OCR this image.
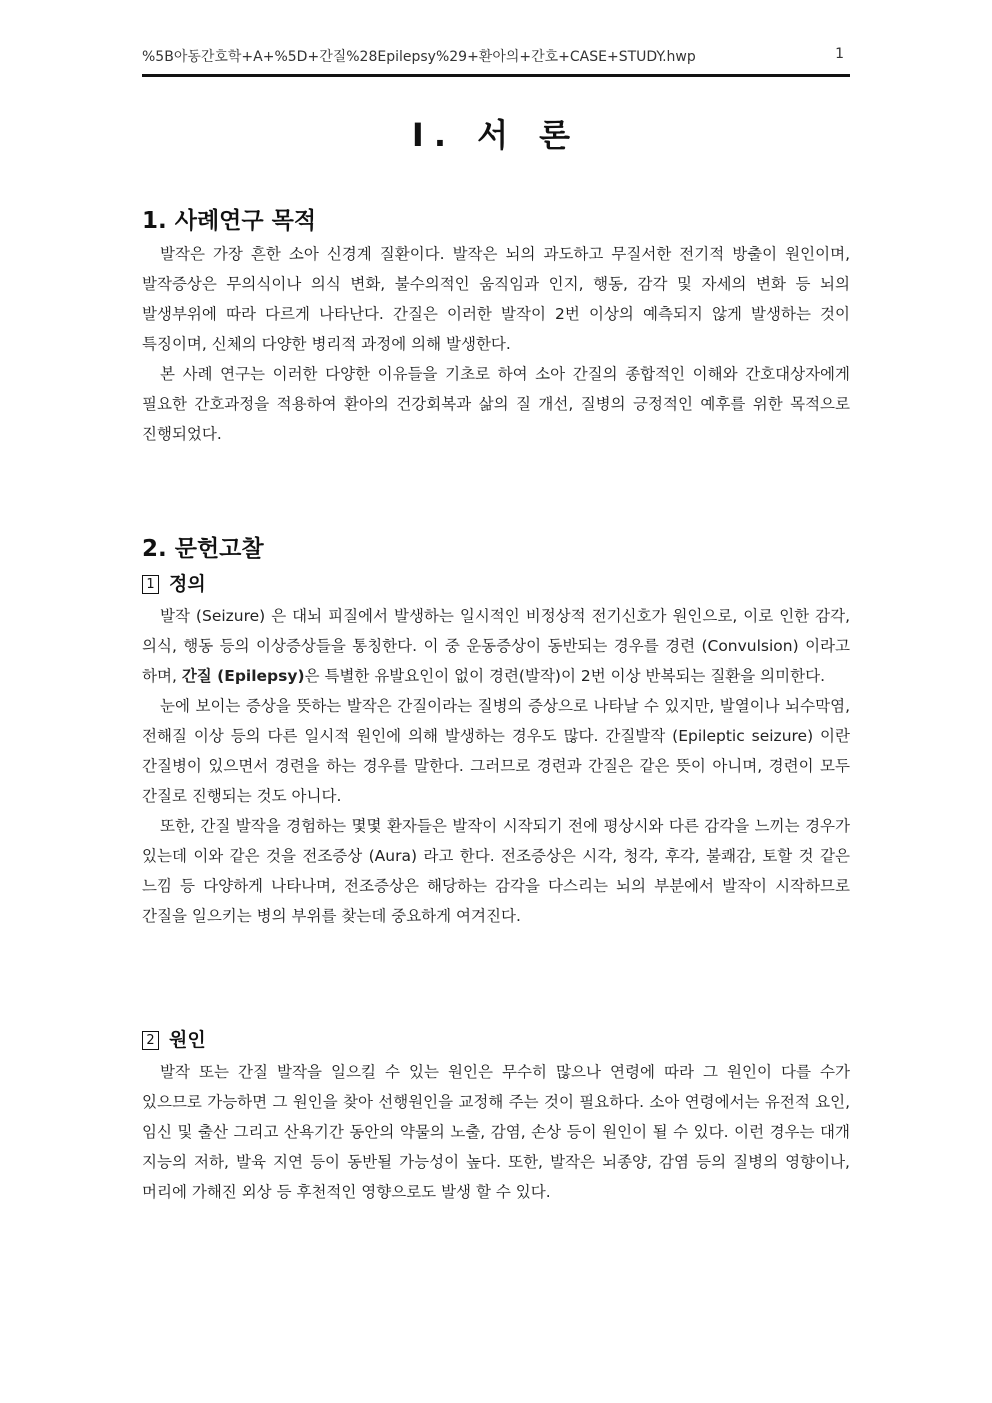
%5B아동간호학+A+%5D+간질%28Epilepsy%29+환아의+간호+CASE+STUDY.hwp	1
I. 서 론
1. 사례연구 목적

발작은 가장 흔한 소아 신경계 질환이다. 발작은 뇌의 과도하고 무질서한 전기적 방출이 원인이며, 발작증상은 무의식이나 의식 변화, 불수의적인 움직임과 인지, 행동, 감각 및 자세의 변화 등 뇌의 발생부위에 따라 다르게 나타난다. 간질은 이러한 발작이 2번 이상의 예측되지 않게 발생하는 것이 특징이며, 신체의 다양한 병리적 과정에 의해 발생한다.

본 사례 연구는 이러한 다양한 이유들을 기초로 하여 소아 간질의 종합적인 이해와 간호대상자에게 필요한 간호과정을 적용하여 환아의 건강회복과 삶의 질 개선, 질병의 긍정적인 예후를 위한 목적으로 진행되었다.

2. 문헌고찰
1 정의

발작 (Seizure) 은 대뇌 피질에서 발생하는 일시적인 비정상적 전기신호가 원인으로, 이로 인한 감각, 의식, 행동 등의 이상증상들을 통칭한다. 이 중 운동증상이 동반되는 경우를 경련 (Convulsion) 이라고 하며, 간질 (Epilepsy)은 특별한 유발요인이 없이 경련(발작)이 2번 이상 반복되는 질환을 의미한다.

눈에 보이는 증상을 뜻하는 발작은 간질이라는 질병의 증상으로 나타날 수 있지만, 발열이나 뇌수막염, 전해질 이상 등의 다른 일시적 원인에 의해 발생하는 경우도 많다. 간질발작 (Epileptic seizure) 이란 간질병이 있으면서 경련을 하는 경우를 말한다. 그러므로 경련과 간질은 같은 뜻이 아니며, 경련이 모두 간질로 진행되는 것도 아니다.

또한, 간질 발작을 경험하는 몇몇 환자들은 발작이 시작되기 전에 평상시와 다른 감각을 느끼는 경우가 있는데 이와 같은 것을 전조증상 (Aura) 라고 한다. 전조증상은 시각, 청각, 후각, 불쾌감, 토할 것 같은 느낌 등 다양하게 나타나며, 전조증상은 해당하는 감각을 다스리는 뇌의 부분에서 발작이 시작하므로 간질을 일으키는 병의 부위를 찾는데 중요하게 여겨진다.

2 원인

발작 또는 간질 발작을 일으킬 수 있는 원인은 무수히 많으나 연령에 따라 그 원인이 다를 수가 있으므로 가능하면 그 원인을 찾아 선행원인을 교정해 주는 것이 필요하다. 소아 연령에서는 유전적 요인, 임신 및 출산 그리고 산욕기간 동안의 약물의 노출, 감염, 손상 등이 원인이 될 수 있다. 이런 경우는 대개 지능의 저하, 발육 지연 등이 동반될 가능성이 높다. 또한, 발작은 뇌종양, 감염 등의 질병의 영향이나, 머리에 가해진 외상 등 후천적인 영향으로도 발생 할 수 있다.
